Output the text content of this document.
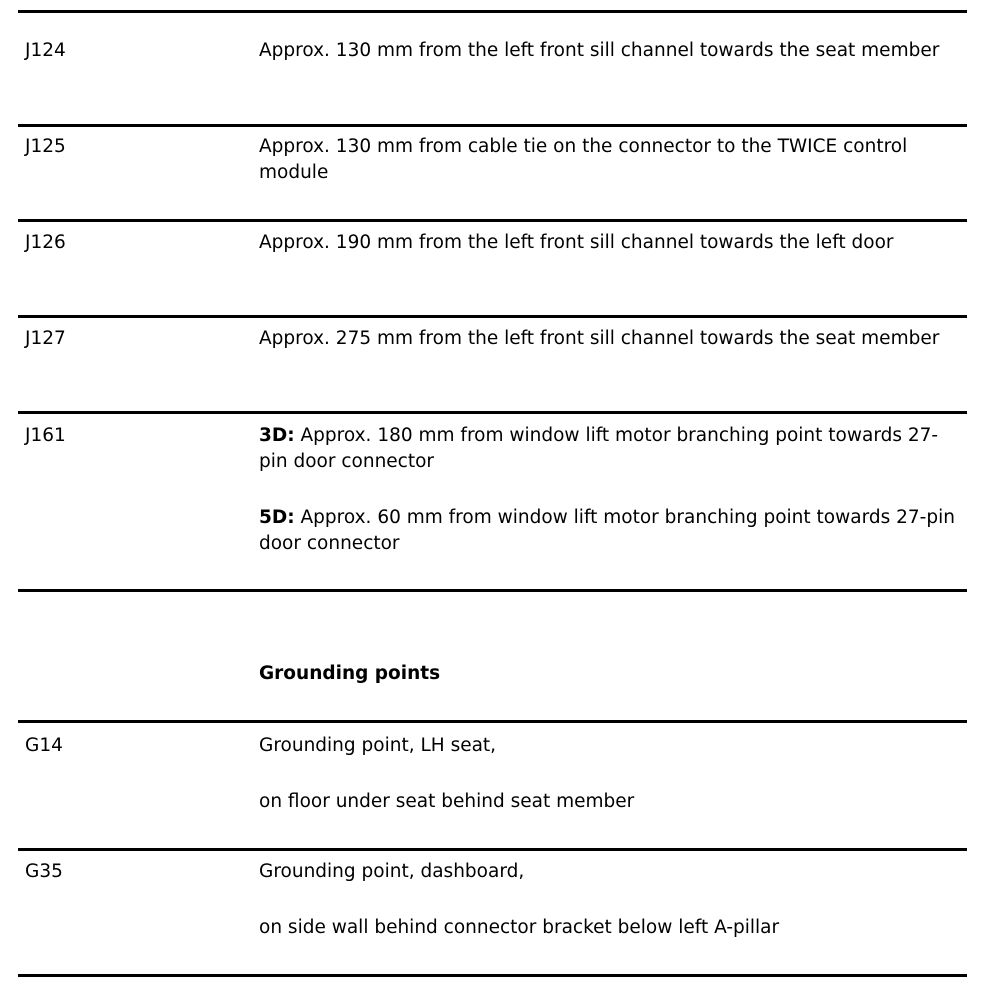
J124	Approx. 130 mm from the left front sill channel towards the seat member

J125	Approx. 130 mm from cable tie on the connector to the TWICE control module

J126	Approx. 190 mm from the left front sill channel towards the left door

J127	Approx. 275 mm from the left front sill channel towards the seat member

J161	3D: Approx. 180 mm from window lift motor branching point towards 27-pin door connector

5D: Approx. 60 mm from window lift motor branching point towards 27-pin door connector

Grounding points

G14	Grounding point, LH seat,

on floor under seat behind seat member

G35	Grounding point, dashboard,

on side wall behind connector bracket below left A-pillar
